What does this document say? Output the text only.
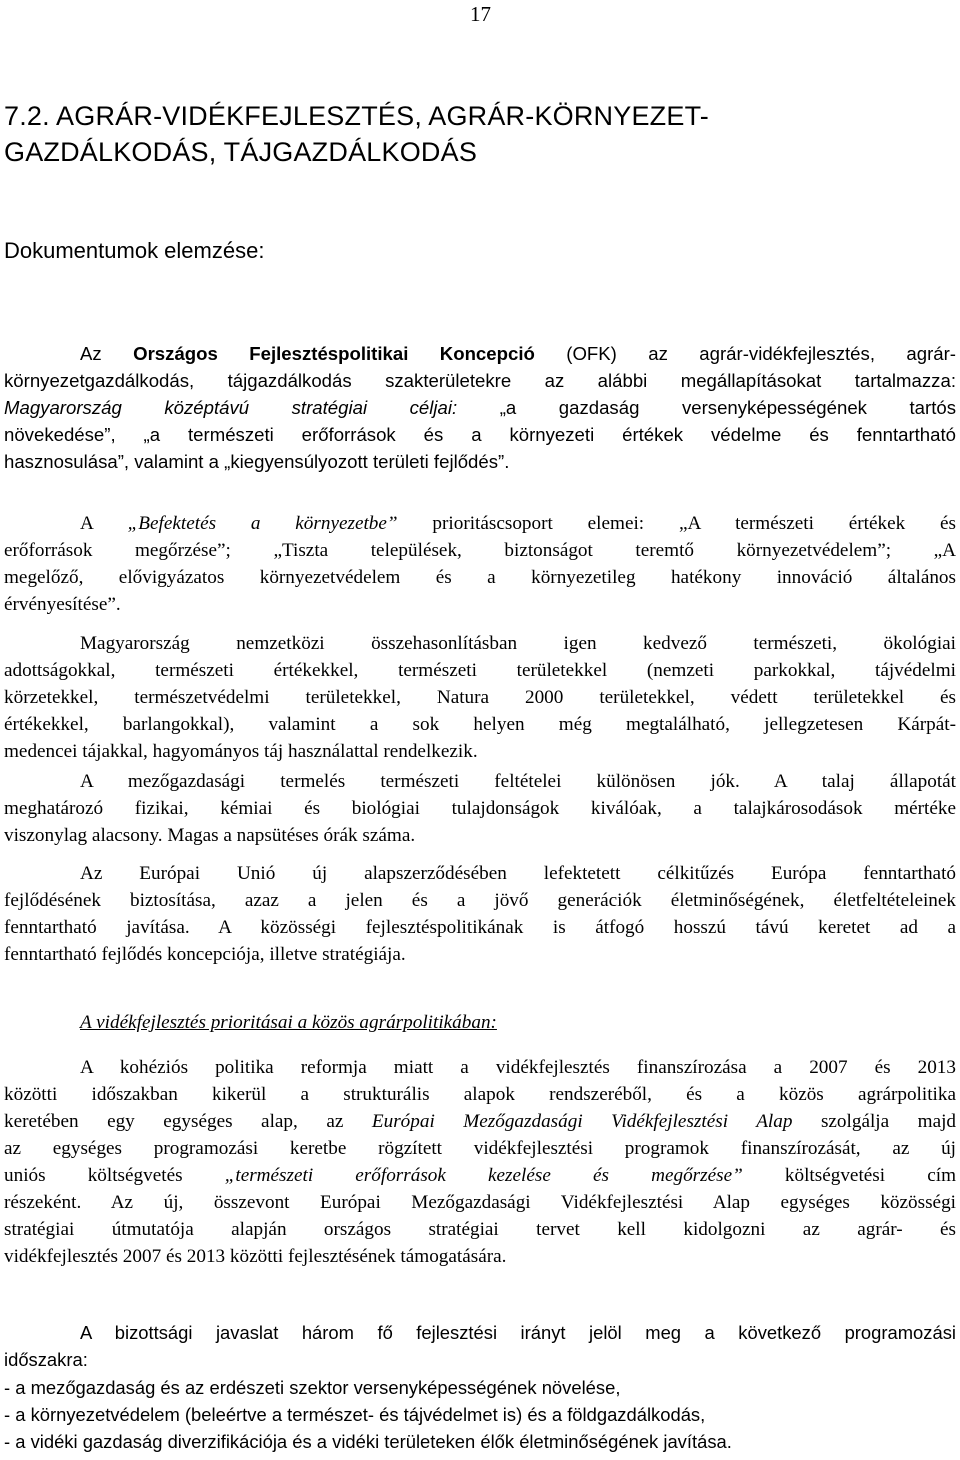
17

7.2. AGRÁR-VIDÉKFEJLESZTÉS, AGRÁR-KÖRNYEZET-
GAZDÁLKODÁS, TÁJGAZDÁLKODÁS
Dokumentumok elemzése:
Az Országos Fejlesztéspolitikai Koncepció (OFK) az agrár-vidékfejlesztés, agrár-
környezetgazdálkodás, tájgazdálkodás szakterületekre az alábbi megállapításokat tartalmazza:
Magyarország középtávú stratégiai céljai: „a gazdaság versenyképességének tartós
növekedése”, „a természeti erőforrások és a környezeti értékek védelme és fenntartható
hasznosulása”, valamint a „kiegyensúlyozott területi fejlődés”.
A „Befektetés a környezetbe” prioritáscsoport elemei: „A természeti értékek és
erőforrások megőrzése”; „Tiszta települések, biztonságot teremtő környezetvédelem”; „A
megelőző, elővigyázatos környezetvédelem és a környezetileg hatékony innováció általános
érvényesítése”.
Magyarország nemzetközi összehasonlításban igen kedvező természeti, ökológiai
adottságokkal, természeti értékekkel, természeti területekkel (nemzeti parkokkal, tájvédelmi
körzetekkel, természetvédelmi területekkel, Natura 2000 területekkel, védett területekkel és
értékekkel, barlangokkal), valamint a sok helyen még megtalálható, jellegzetesen Kárpát-
medencei tájakkal, hagyományos táj használattal rendelkezik.
A mezőgazdasági termelés természeti feltételei különösen jók. A talaj állapotát
meghatározó fizikai, kémiai és biológiai tulajdonságok kiválóak, a talajkárosodások mértéke
viszonylag alacsony. Magas a napsütéses órák száma.
Az Európai Unió új alapszerződésében lefektetett célkitűzés Európa fenntartható
fejlődésének biztosítása, azaz a jelen és a jövő generációk életminőségének, életfeltételeinek
fenntartható javítása. A közösségi fejlesztéspolitikának is átfogó hosszú távú keretet ad a
fenntartható fejlődés koncepciója, illetve stratégiája.
A vidékfejlesztés prioritásai a közös agrárpolitikában:
A kohéziós politika reformja miatt a vidékfejlesztés finanszírozása a 2007 és 2013
közötti időszakban kikerül a strukturális alapok rendszeréből, és a közös agrárpolitika
keretében egy egységes alap, az Európai Mezőgazdasági Vidékfejlesztési Alap szolgálja majd
az egységes programozási keretbe rögzített vidékfejlesztési programok finanszírozását, az új
uniós költségvetés „természeti erőforrások kezelése és megőrzése” költségvetési cím
részeként. Az új, összevont Európai Mezőgazdasági Vidékfejlesztési Alap egységes közösségi
stratégiai útmutatója alapján országos stratégiai tervet kell kidolgozni az agrár- és
vidékfejlesztés 2007 és 2013 közötti fejlesztésének támogatására.
A bizottsági javaslat három fő fejlesztési irányt jelöl meg a következő programozási
időszakra:
- a mezőgazdaság és az erdészeti szektor versenyképességének növelése,
- a környezetvédelem (beleértve a természet- és tájvédelmet is) és a földgazdálkodás,
- a vidéki gazdaság diverzifikációja és a vidéki területeken élők életminőségének javítása.
